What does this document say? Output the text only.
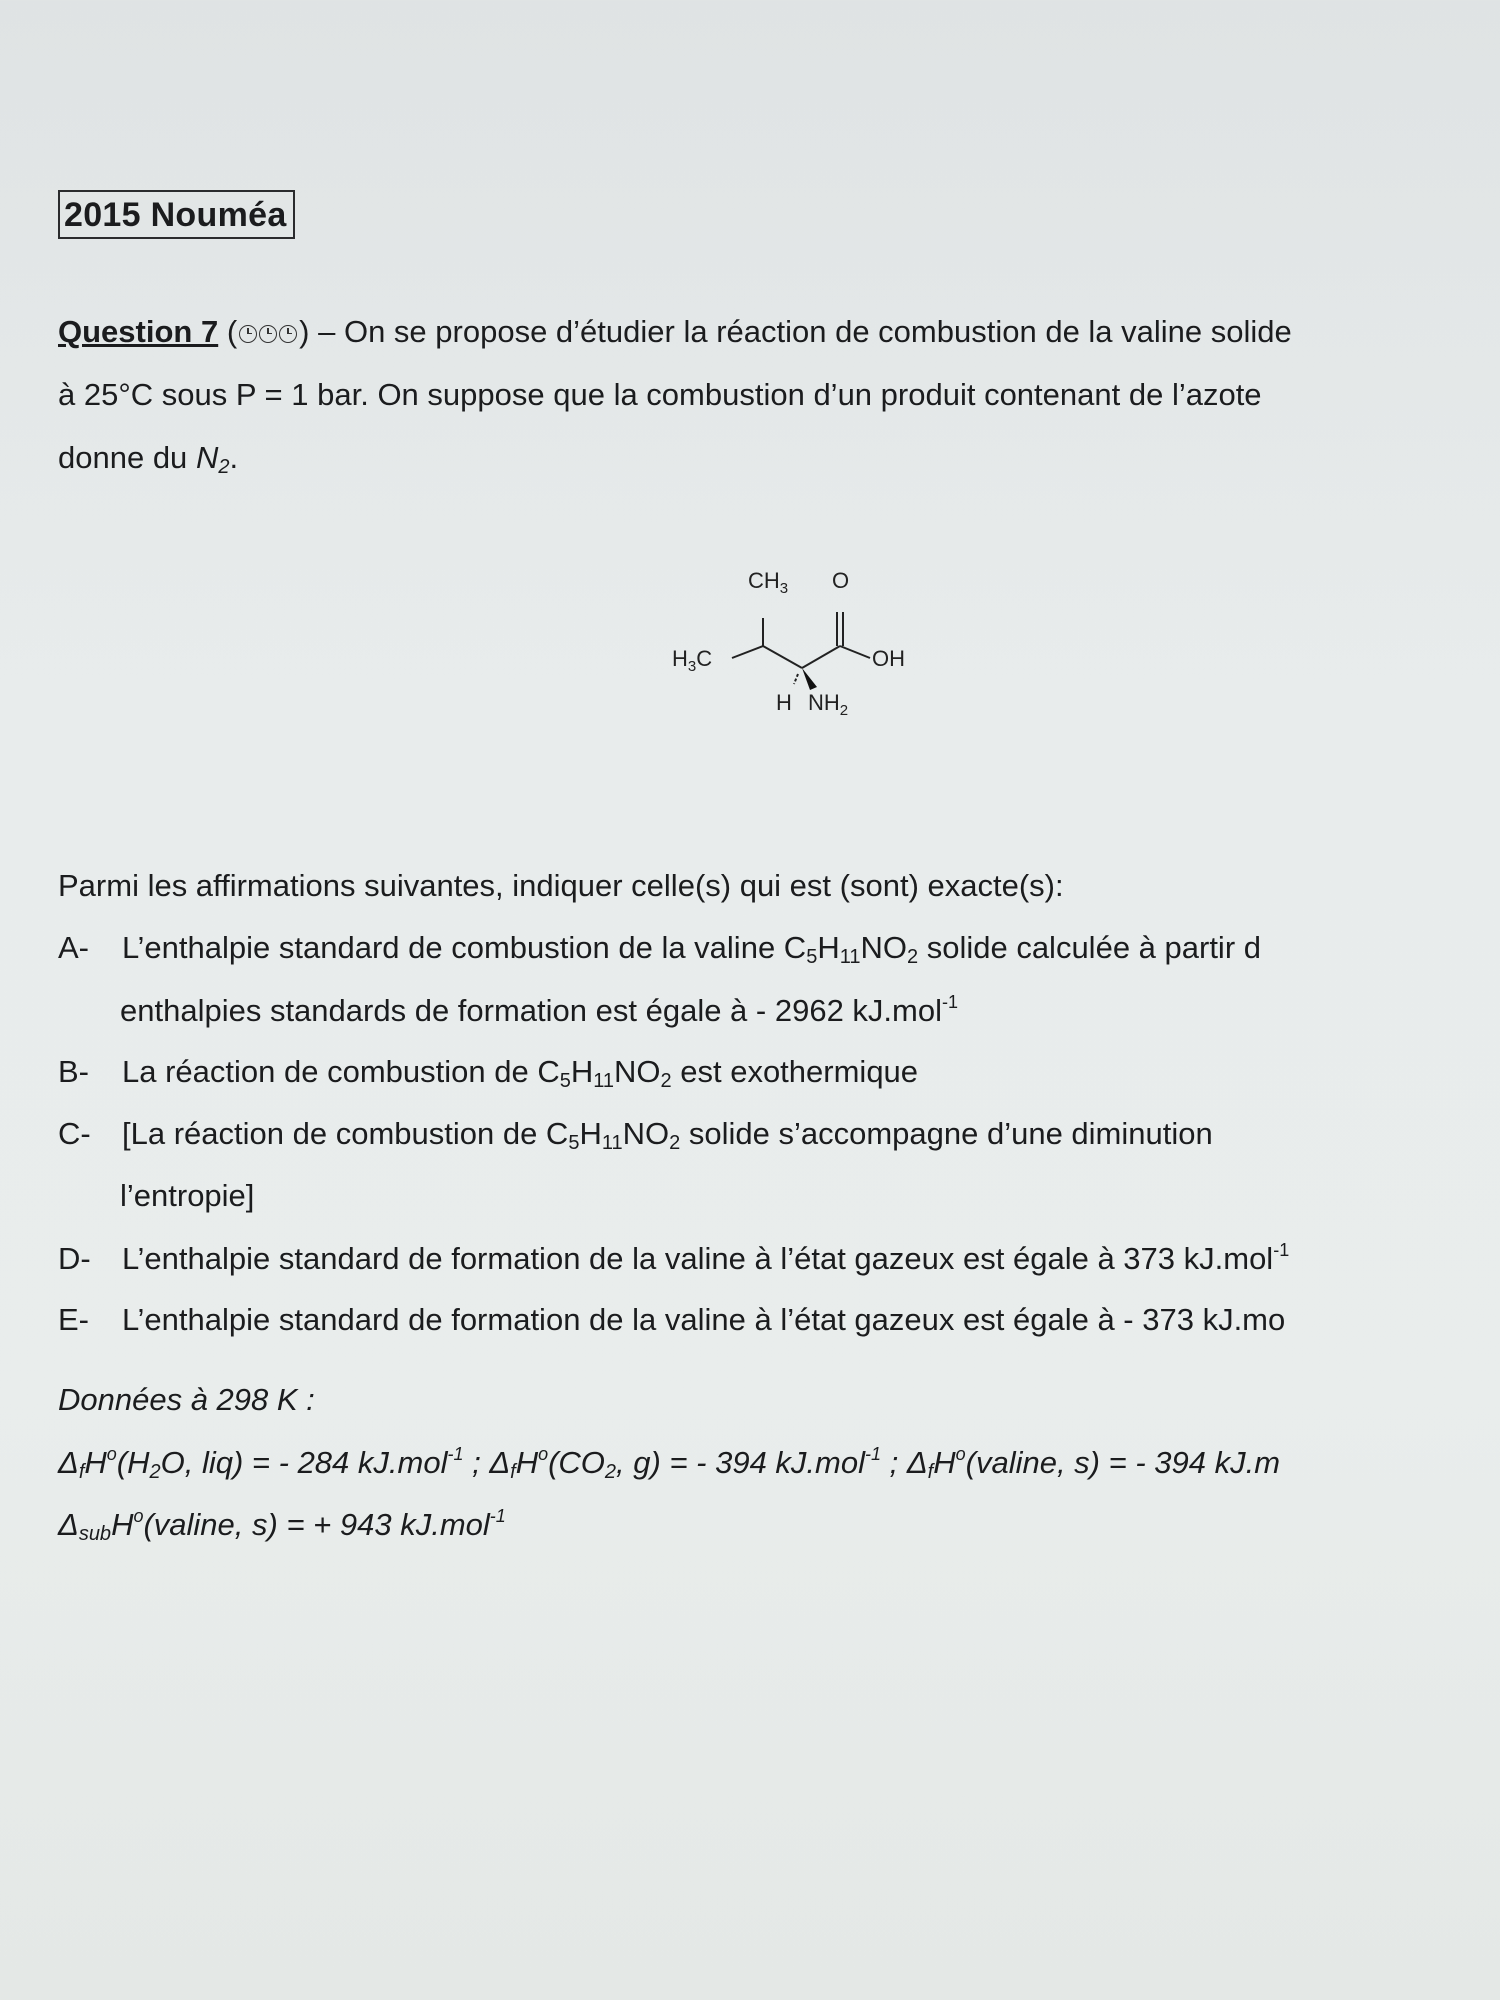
2015 Nouméa
Question 7 ( ) – On se propose d’étudier la réaction de combustion de la valine solide
à 25°C sous P = 1 bar. On suppose que la combustion d’un produit contenant de l’azote
donne du $N_2$.
$CH_3$ O
$H_3C$	OH
H $NH_2$
Parmi les affirmations suivantes, indiquer celle(s) qui est (sont) exacte(s):
A- L’enthalpie standard de combustion de la valine $C_5H_{11}NO_2$ solide calculée à partir d
enthalpies standards de formation est égale à - 2962 kJ.mol$^{-1}$
B- La réaction de combustion de $C_5H_{11}NO_2$ est exothermique
C- [La réaction de combustion de $C_5H_{11}NO_2$ solide s’accompagne d’une diminution
l’entropie]
D- L’enthalpie standard de formation de la valine à l’état gazeux est égale à 373 kJ.mol$^{-1}$
E- L’enthalpie standard de formation de la valine à l’état gazeux est égale à - 373 kJ.mo
Données à 298 K :
$\Delta_fH^o(H_2O$, liq) = - 284 kJ.mol$^{-1}$ ; $\Delta_fH^o(CO_2$, g) = - 394 kJ.mol$^{-1}$ ; $\Delta_fH^o(valine$, s) = - 394 kJ.m
$\Delta_{sub}H^o(valine$, s) = + 943 kJ.mol$^{-1}$
